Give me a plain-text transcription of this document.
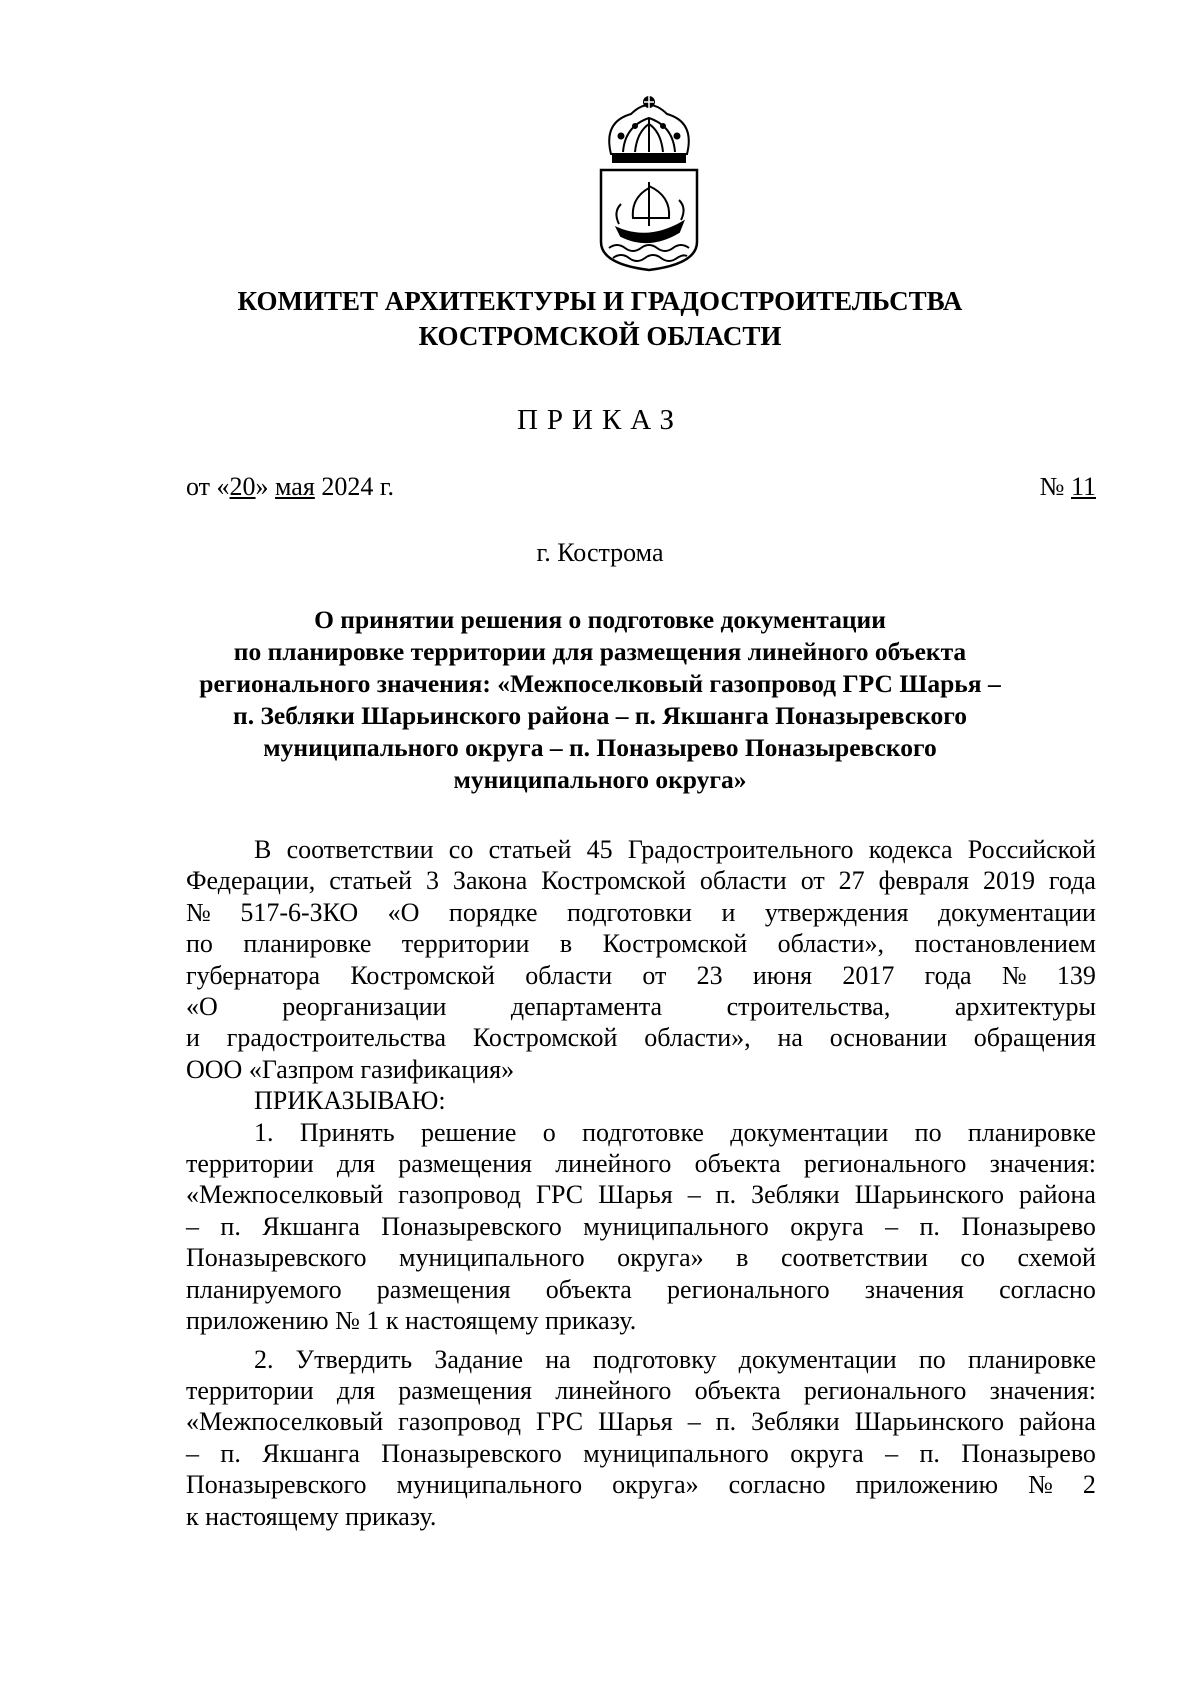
КОМИТЕТ АРХИТЕКТУРЫ И ГРАДОСТРОИТЕЛЬСТВА
КОСТРОМСКОЙ ОБЛАСТИ
ПРИКАЗ
от «20» мая 2024 г.	№ 11
г. Кострома
О принятии решения о подготовке документации
по планировке территории для размещения линейного объекта
регионального значения: «Межпоселковый газопровод ГРС Шарья –
п. Зебляки Шарьинского района – п. Якшанга Поназыревского
муниципального округа – п. Поназырево Поназыревского
муниципального округа»

В соответствии со статьей 45 Градостроительного кодекса Российской

Федерации, статьей 3 Закона Костромской области от 27 февраля 2019 года

№ 517-6-ЗКО «О порядке подготовки и утверждения документации

по планировке территории в Костромской области», постановлением

губернатора Костромской области от 23 июня 2017 года № 139

«О реорганизации департамента строительства, архитектуры

и градостроительства Костромской области», на основании обращения

ООО «Газпром газификация»

ПРИКАЗЫВАЮ:

1. Принять решение о подготовке документации по планировке

территории для размещения линейного объекта регионального значения:

«Межпоселковый газопровод ГРС Шарья – п. Зебляки Шарьинского района

– п. Якшанга Поназыревского муниципального округа – п. Поназырево

Поназыревского муниципального округа» в соответствии со схемой

планируемого размещения объекта регионального значения согласно

приложению № 1 к настоящему приказу.

2. Утвердить Задание на подготовку документации по планировке

территории для размещения линейного объекта регионального значения:

«Межпоселковый газопровод ГРС Шарья – п. Зебляки Шарьинского района

– п. Якшанга Поназыревского муниципального округа – п. Поназырево

Поназыревского муниципального округа» согласно приложению № 2

к настоящему приказу.
